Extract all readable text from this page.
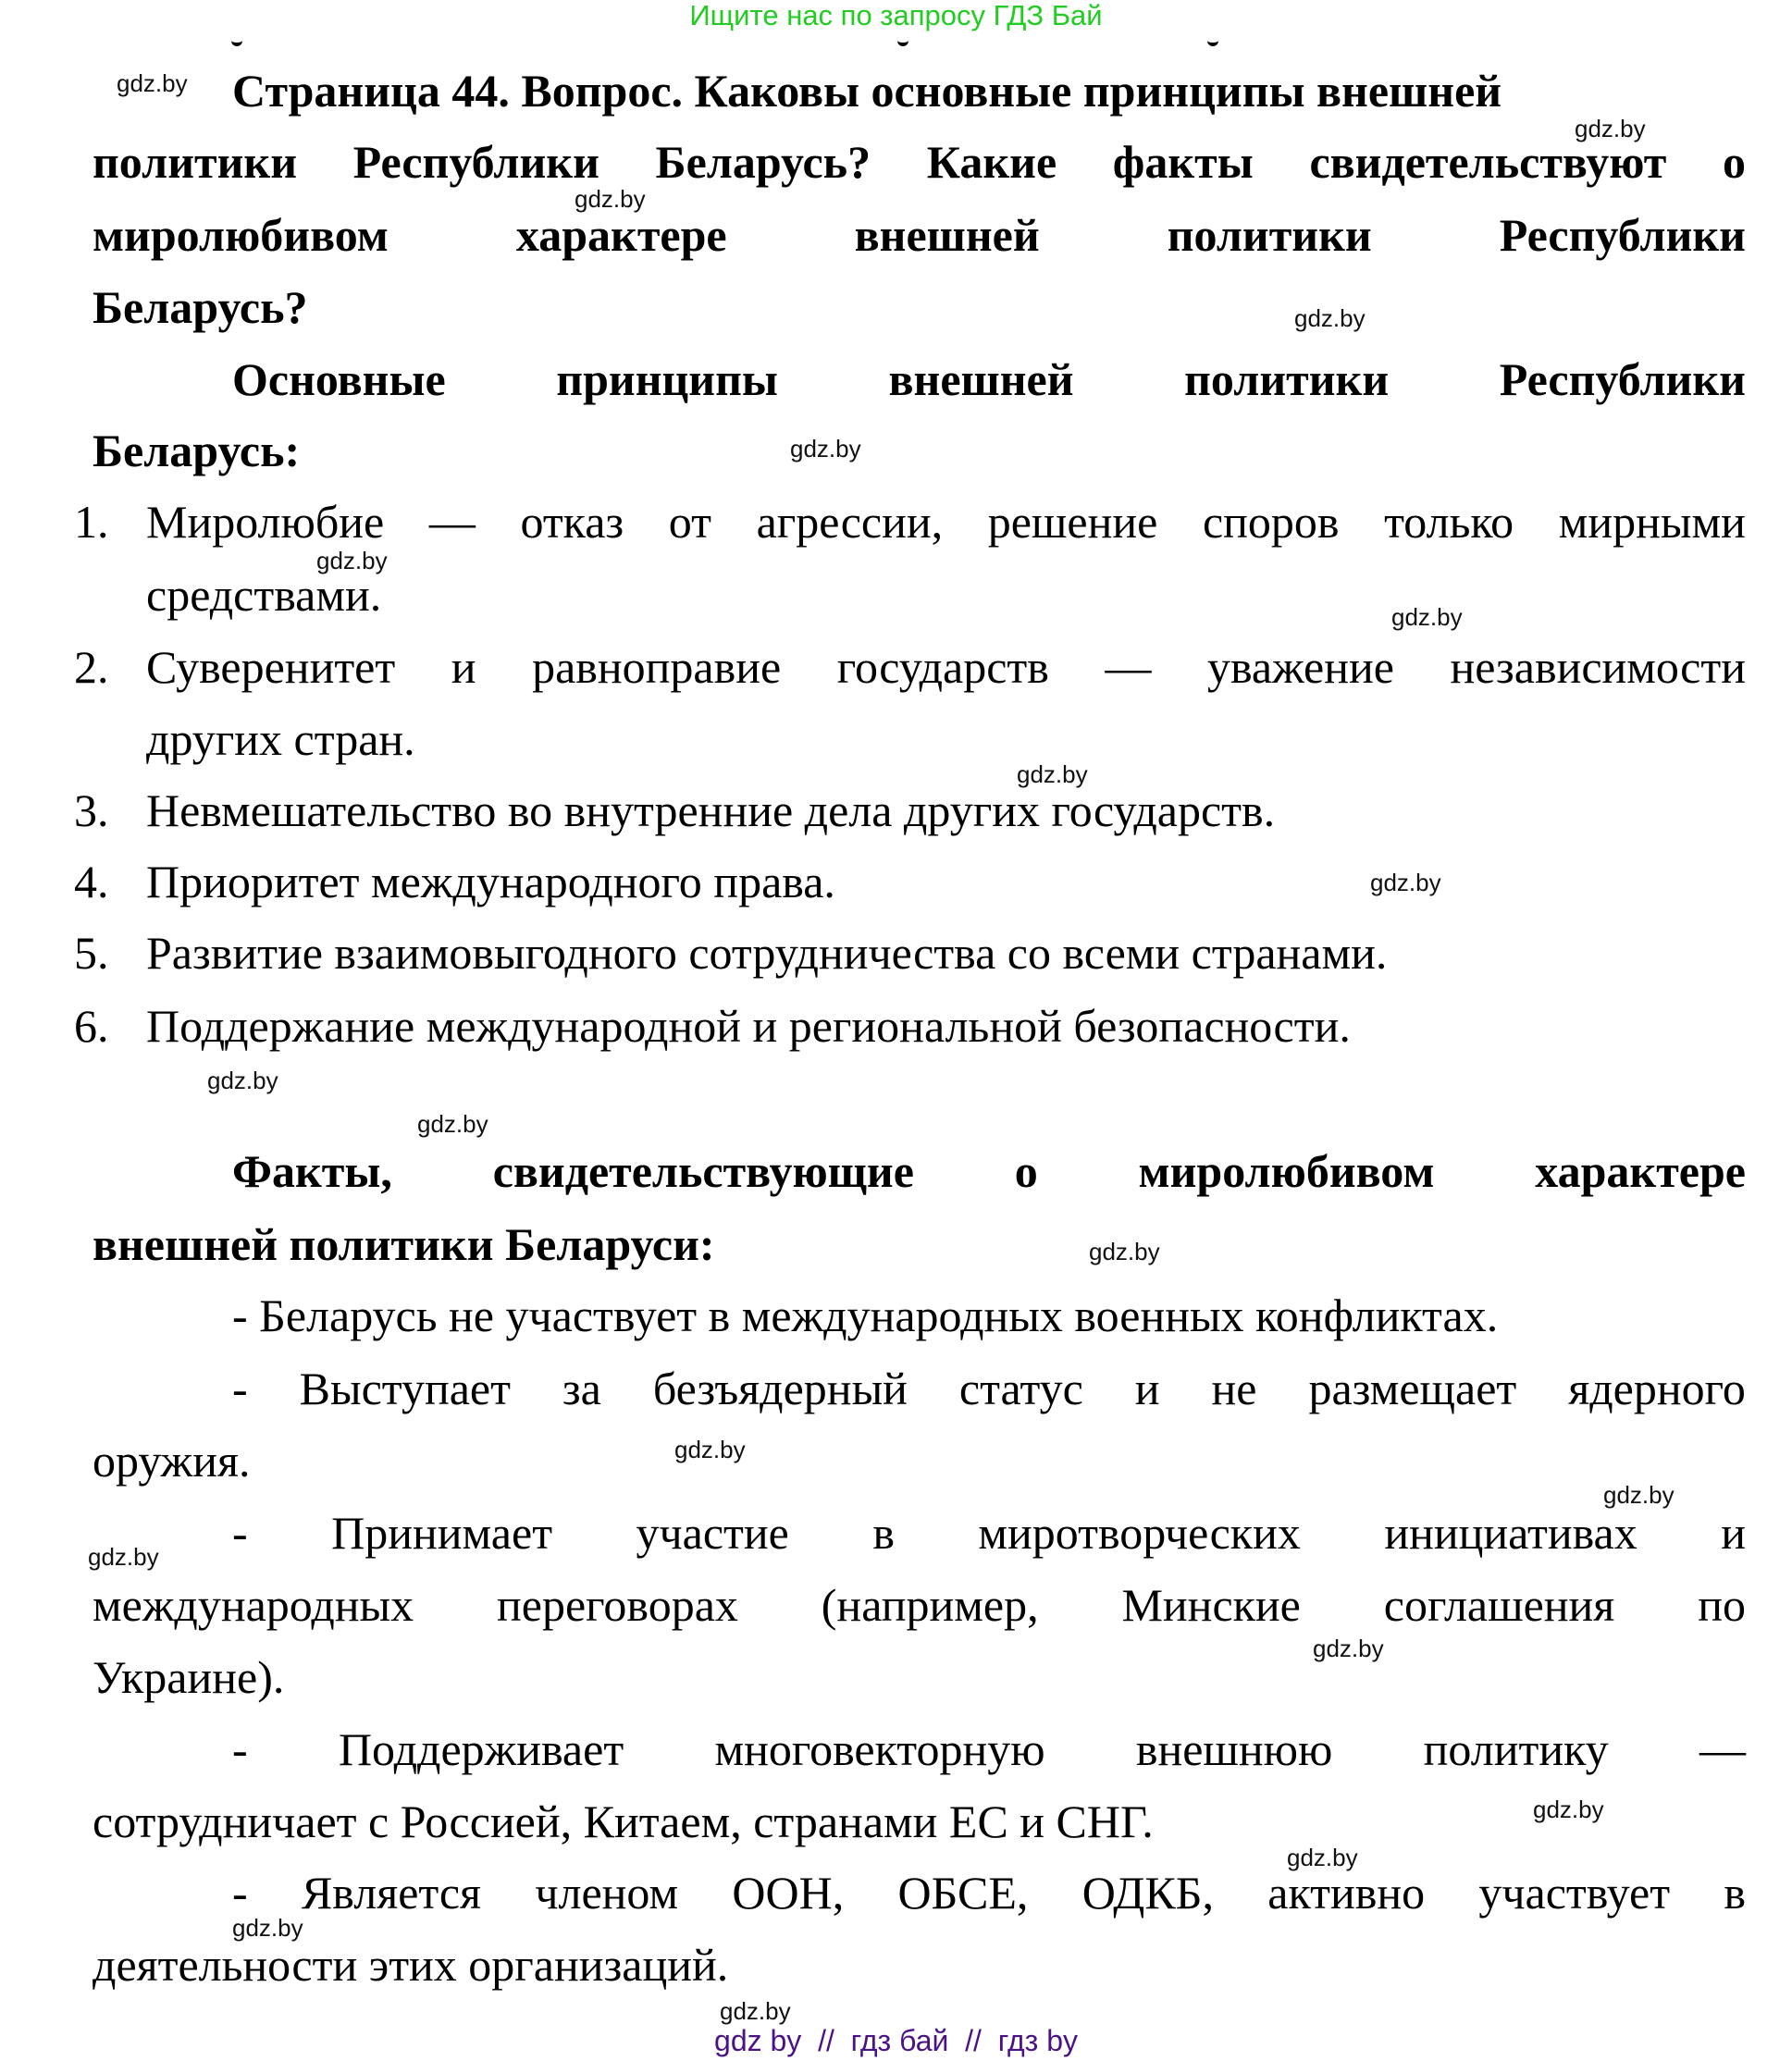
Ищите нас по запросу ГДЗ Бай
Страница 44. Вопрос. Каковы основные принципы внешней
политики Республики Беларусь? Какие факты свидетельствуют о
миролюбивом	характере	внешней	политики	Республики
Беларусь?
Основные принципы внешней политики Республики
Беларусь:
1. Миролюбие — отказ от агрессии, решение споров только мирными
средствами.
2. Суверенитет и равноправие государств — уважение независимости
других стран.
3. Невмешательство во внутренние дела других государств.
4. Приоритет международного права.
5. Развитие взаимовыгодного сотрудничества со всеми странами.
6. Поддержание международной и региональной безопасности.
Факты, свидетельствующие о миролюбивом характере
внешней политики Беларуси:
- Беларусь не участвует в международных военных конфликтах.
- Выступает за безъядерный статус и не размещает ядерного
оружия.
- Принимает участие в миротворческих инициативах и
международных переговорах (например, Минские соглашения по
Украине).
- Поддерживает многовекторную внешнюю политику —
сотрудничает с Россией, Китаем, странами ЕС и СНГ.
- Является членом ООН, ОБСЕ, ОДКБ, активно участвует в
деятельности этих организаций.
gdz.by
gdz.by
gdz.by
gdz.by
gdz.by
gdz.by
gdz.by
gdz.by
gdz.by
gdz.by
gdz.by
gdz.by
gdz.by
gdz.by
gdz.by
gdz.by
gdz.by
gdz.by
gdz.by
gdz.by
gdz by  //  гдз бай  //  гдз by
